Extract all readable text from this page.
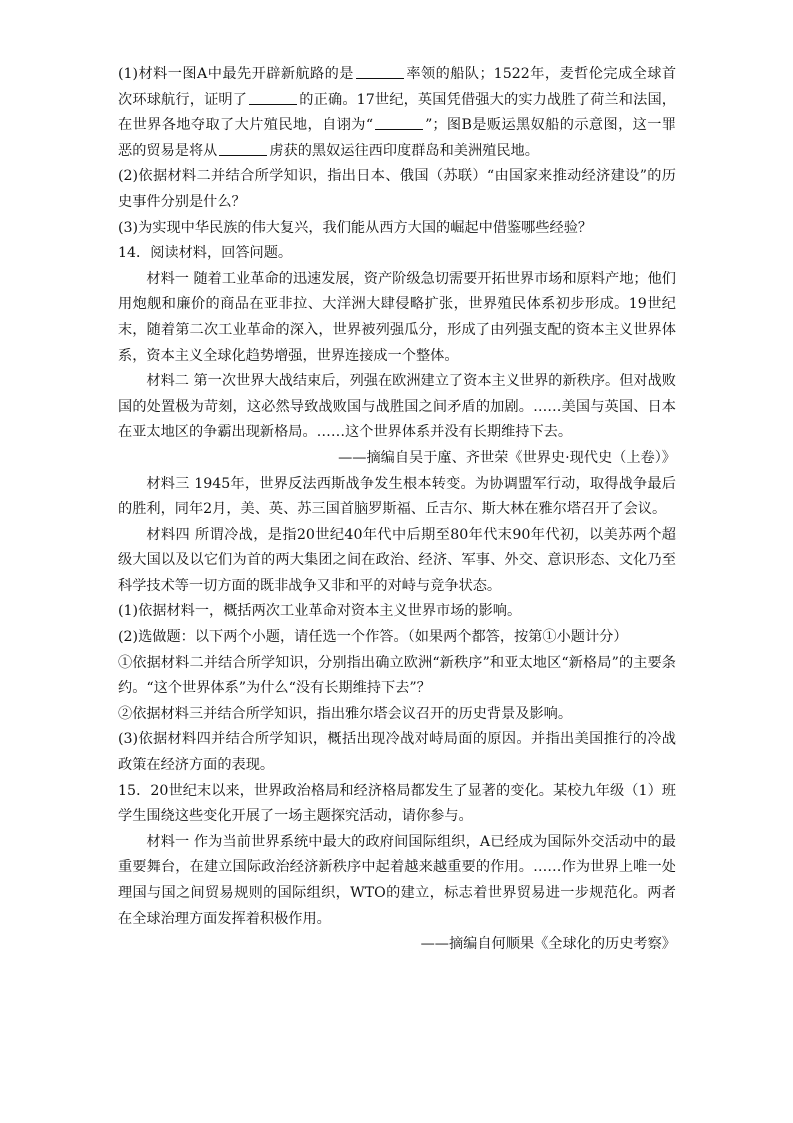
(1)材料一图A中最先开辟新航路的是	率领的船队；1522年，麦哲伦完成全球首次环球航行，证明了	的正确。17世纪，英国凭借强大的实力战胜了荷兰和法国，在世界各地夺取了大片殖民地，自诩为“	”；图B是贩运黑奴船的示意图，这一罪恶的贸易是将从	虏获的黑奴运往西印度群岛和美洲殖民地。

(2)依据材料二并结合所学知识，指出日本、俄国（苏联）“由国家来推动经济建设”的历史事件分别是什么？

(3)为实现中华民族的伟大复兴，我们能从西方大国的崛起中借鉴哪些经验？

14．阅读材料，回答问题。

材料一 随着工业革命的迅速发展，资产阶级急切需要开拓世界市场和原料产地；他们用炮舰和廉价的商品在亚非拉、大洋洲大肆侵略扩张，世界殖民体系初步形成。19世纪末，随着第二次工业革命的深入，世界被列强瓜分，形成了由列强支配的资本主义世界体系，资本主义全球化趋势增强，世界连接成一个整体。

材料二 第一次世界大战结束后，列强在欧洲建立了资本主义世界的新秩序。但对战败国的处置极为苛刻，这必然导致战败国与战胜国之间矛盾的加剧。……美国与英国、日本在亚太地区的争霸出现新格局。……这个世界体系并没有长期维持下去。

——摘编自吴于廑、齐世荣《世界史·现代史（上卷）》

材料三 1945年，世界反法西斯战争发生根本转变。为协调盟军行动，取得战争最后的胜利，同年2月，美、英、苏三国首脑罗斯福、丘吉尔、斯大林在雅尔塔召开了会议。

材料四 所谓冷战，是指20世纪40年代中后期至80年代末90年代初，以美苏两个超级大国以及以它们为首的两大集团之间在政治、经济、军事、外交、意识形态、文化乃至科学技术等一切方面的既非战争又非和平的对峙与竞争状态。

(1)依据材料一，概括两次工业革命对资本主义世界市场的影响。

(2)选做题：以下两个小题，请任选一个作答。（如果两个都答，按第①小题计分）

①依据材料二并结合所学知识，分别指出确立欧洲“新秩序”和亚太地区“新格局”的主要条约。“这个世界体系”为什么“没有长期维持下去”？

②依据材料三并结合所学知识，指出雅尔塔会议召开的历史背景及影响。

(3)依据材料四并结合所学知识，概括出现冷战对峙局面的原因。并指出美国推行的冷战政策在经济方面的表现。

15．20世纪末以来，世界政治格局和经济格局都发生了显著的变化。某校九年级（1）班学生围绕这些变化开展了一场主题探究活动，请你参与。

材料一 作为当前世界系统中最大的政府间国际组织，A已经成为国际外交活动中的最重要舞台，在建立国际政治经济新秩序中起着越来越重要的作用。……作为世界上唯一处理国与国之间贸易规则的国际组织，WTO的建立，标志着世界贸易进一步规范化。两者在全球治理方面发挥着积极作用。

——摘编自何顺果《全球化的历史考察》
